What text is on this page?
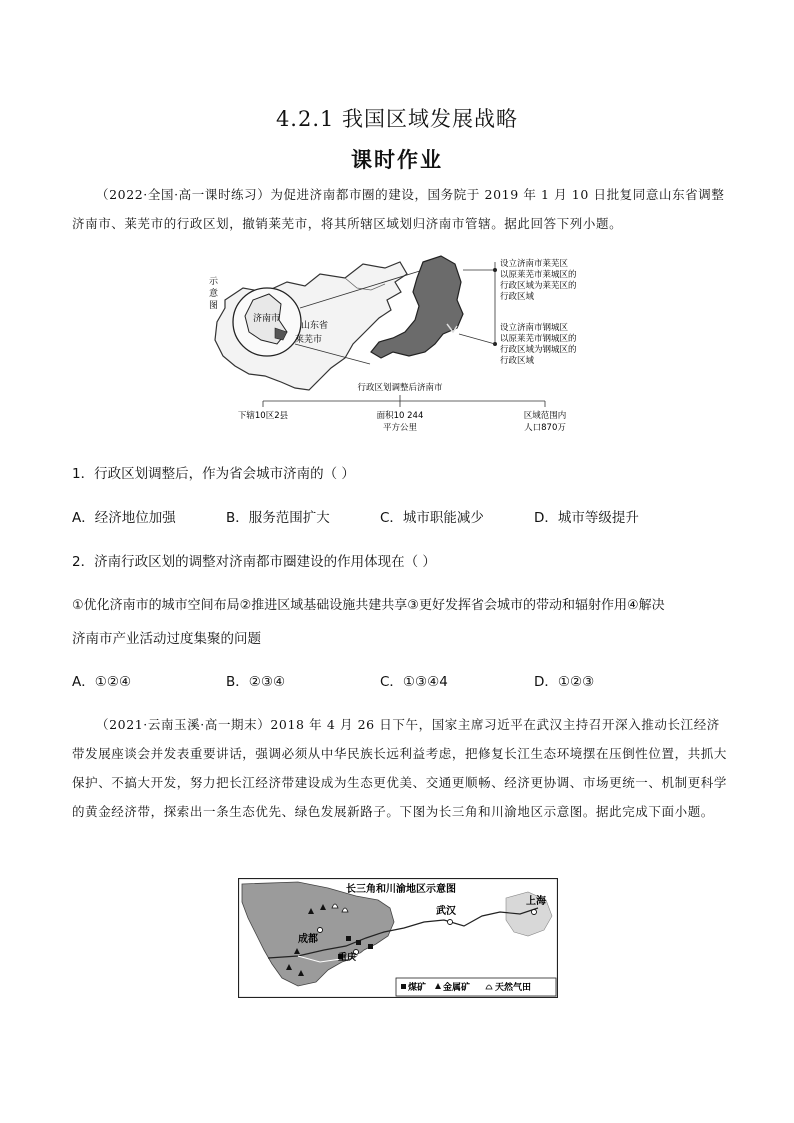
4.2.1 我国区域发展战略
课时作业
（2022·全国·高一课时练习）为促进济南都市圈的建设，国务院于 2019 年 1 月 10 日批复同意山东省调整济南市、莱芜市的行政区划，撤销莱芜市，将其所辖区域划归济南市管辖。据此回答下列小题。
示
意
图
济南市
山东省
莱芜市
设立济南市莱芜区
以原莱芜市莱城区的
行政区域为莱芜区的
行政区域
设立济南市钢城区
以原莱芜市钢城区的
行政区域为钢城区的
行政区域
行政区划调整后济南市
下辖10区2县	面积10 244
平方公里
区域范围内
人口870万
1．行政区划调整后，作为省会城市济南的（ ）
A．经济地位加强	B．服务范围扩大	C．城市职能减少	D．城市等级提升
2．济南行政区划的调整对济南都市圈建设的作用体现在（ ）
①优化济南市的城市空间布局②推进区域基础设施共建共享③更好发挥省会城市的带动和辐射作用④解决
济南市产业活动过度集聚的问题
A．①②④	B．②③④	C．①③④4	D．①②③
（2021·云南玉溪·高一期末）2018 年 4 月 26 日下午，国家主席习近平在武汉主持召开深入推动长江经济带发展座谈会并发表重要讲话，强调必须从中华民族长远利益考虑，把修复长江生态环境摆在压倒性位置，共抓大保护、不搞大开发，努力把长江经济带建设成为生态更优美、交通更顺畅、经济更协调、市场更统一、机制更科学的黄金经济带，探索出一条生态优先、绿色发展新路子。下图为长三角和川渝地区示意图。据此完成下面小题。
长三角和川渝地区示意图
成都
重庆
武汉
上海
煤矿 金属矿	天然气田
